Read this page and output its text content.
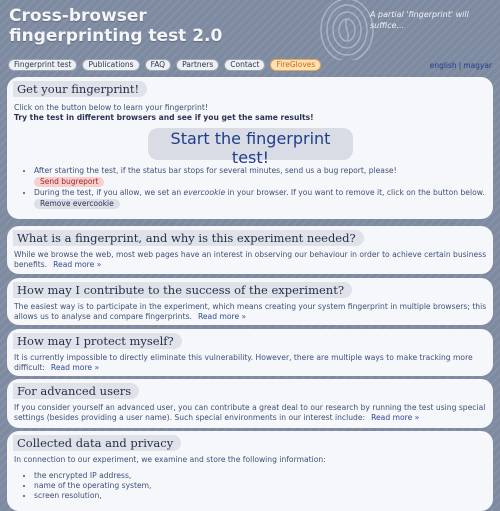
Cross-browser
fingerprinting test 2.0
A partial 'fingerprint' will suffice...
Fingerprint test	Publications	FAQ	Partners	Contact	FireGloves	english | magyar
Get your fingerprint!
Click on the button below to learn your fingerprint!
Try the test in different browsers and see if you get the same results!
Start the fingerprint test!
• After starting the test, if the status bar stops for several minutes, send us a bug report, please!
Send bugreport
• During the test, if you allow, we set an evercookie in your browser. If you want to remove it, click on the button below.
Remove evercookie
What is a fingerprint, and why is this experiment needed?
While we browse the web, most web pages have an interest in observing our behaviour in order to achieve certain business benefits. Read more »
How may I contribute to the success of the experiment?
The easiest way is to participate in the experiment, which means creating your system fingerprint in multiple browsers; this allows us to analyse and compare fingerprints. Read more »
How may I protect myself?
It is currently impossible to directly eliminate this vulnerability. However, there are multiple ways to make tracking more difficult: Read more »
For advanced users
If you consider yourself an advanced user, you can contribute a great deal to our research by running the test using special settings (besides providing a user name). Such special environments in our interest include: Read more »
Collected data and privacy
In connection to our experiment, we examine and store the following information:
• the encrypted IP address,
• name of the operating system,
• screen resolution,
